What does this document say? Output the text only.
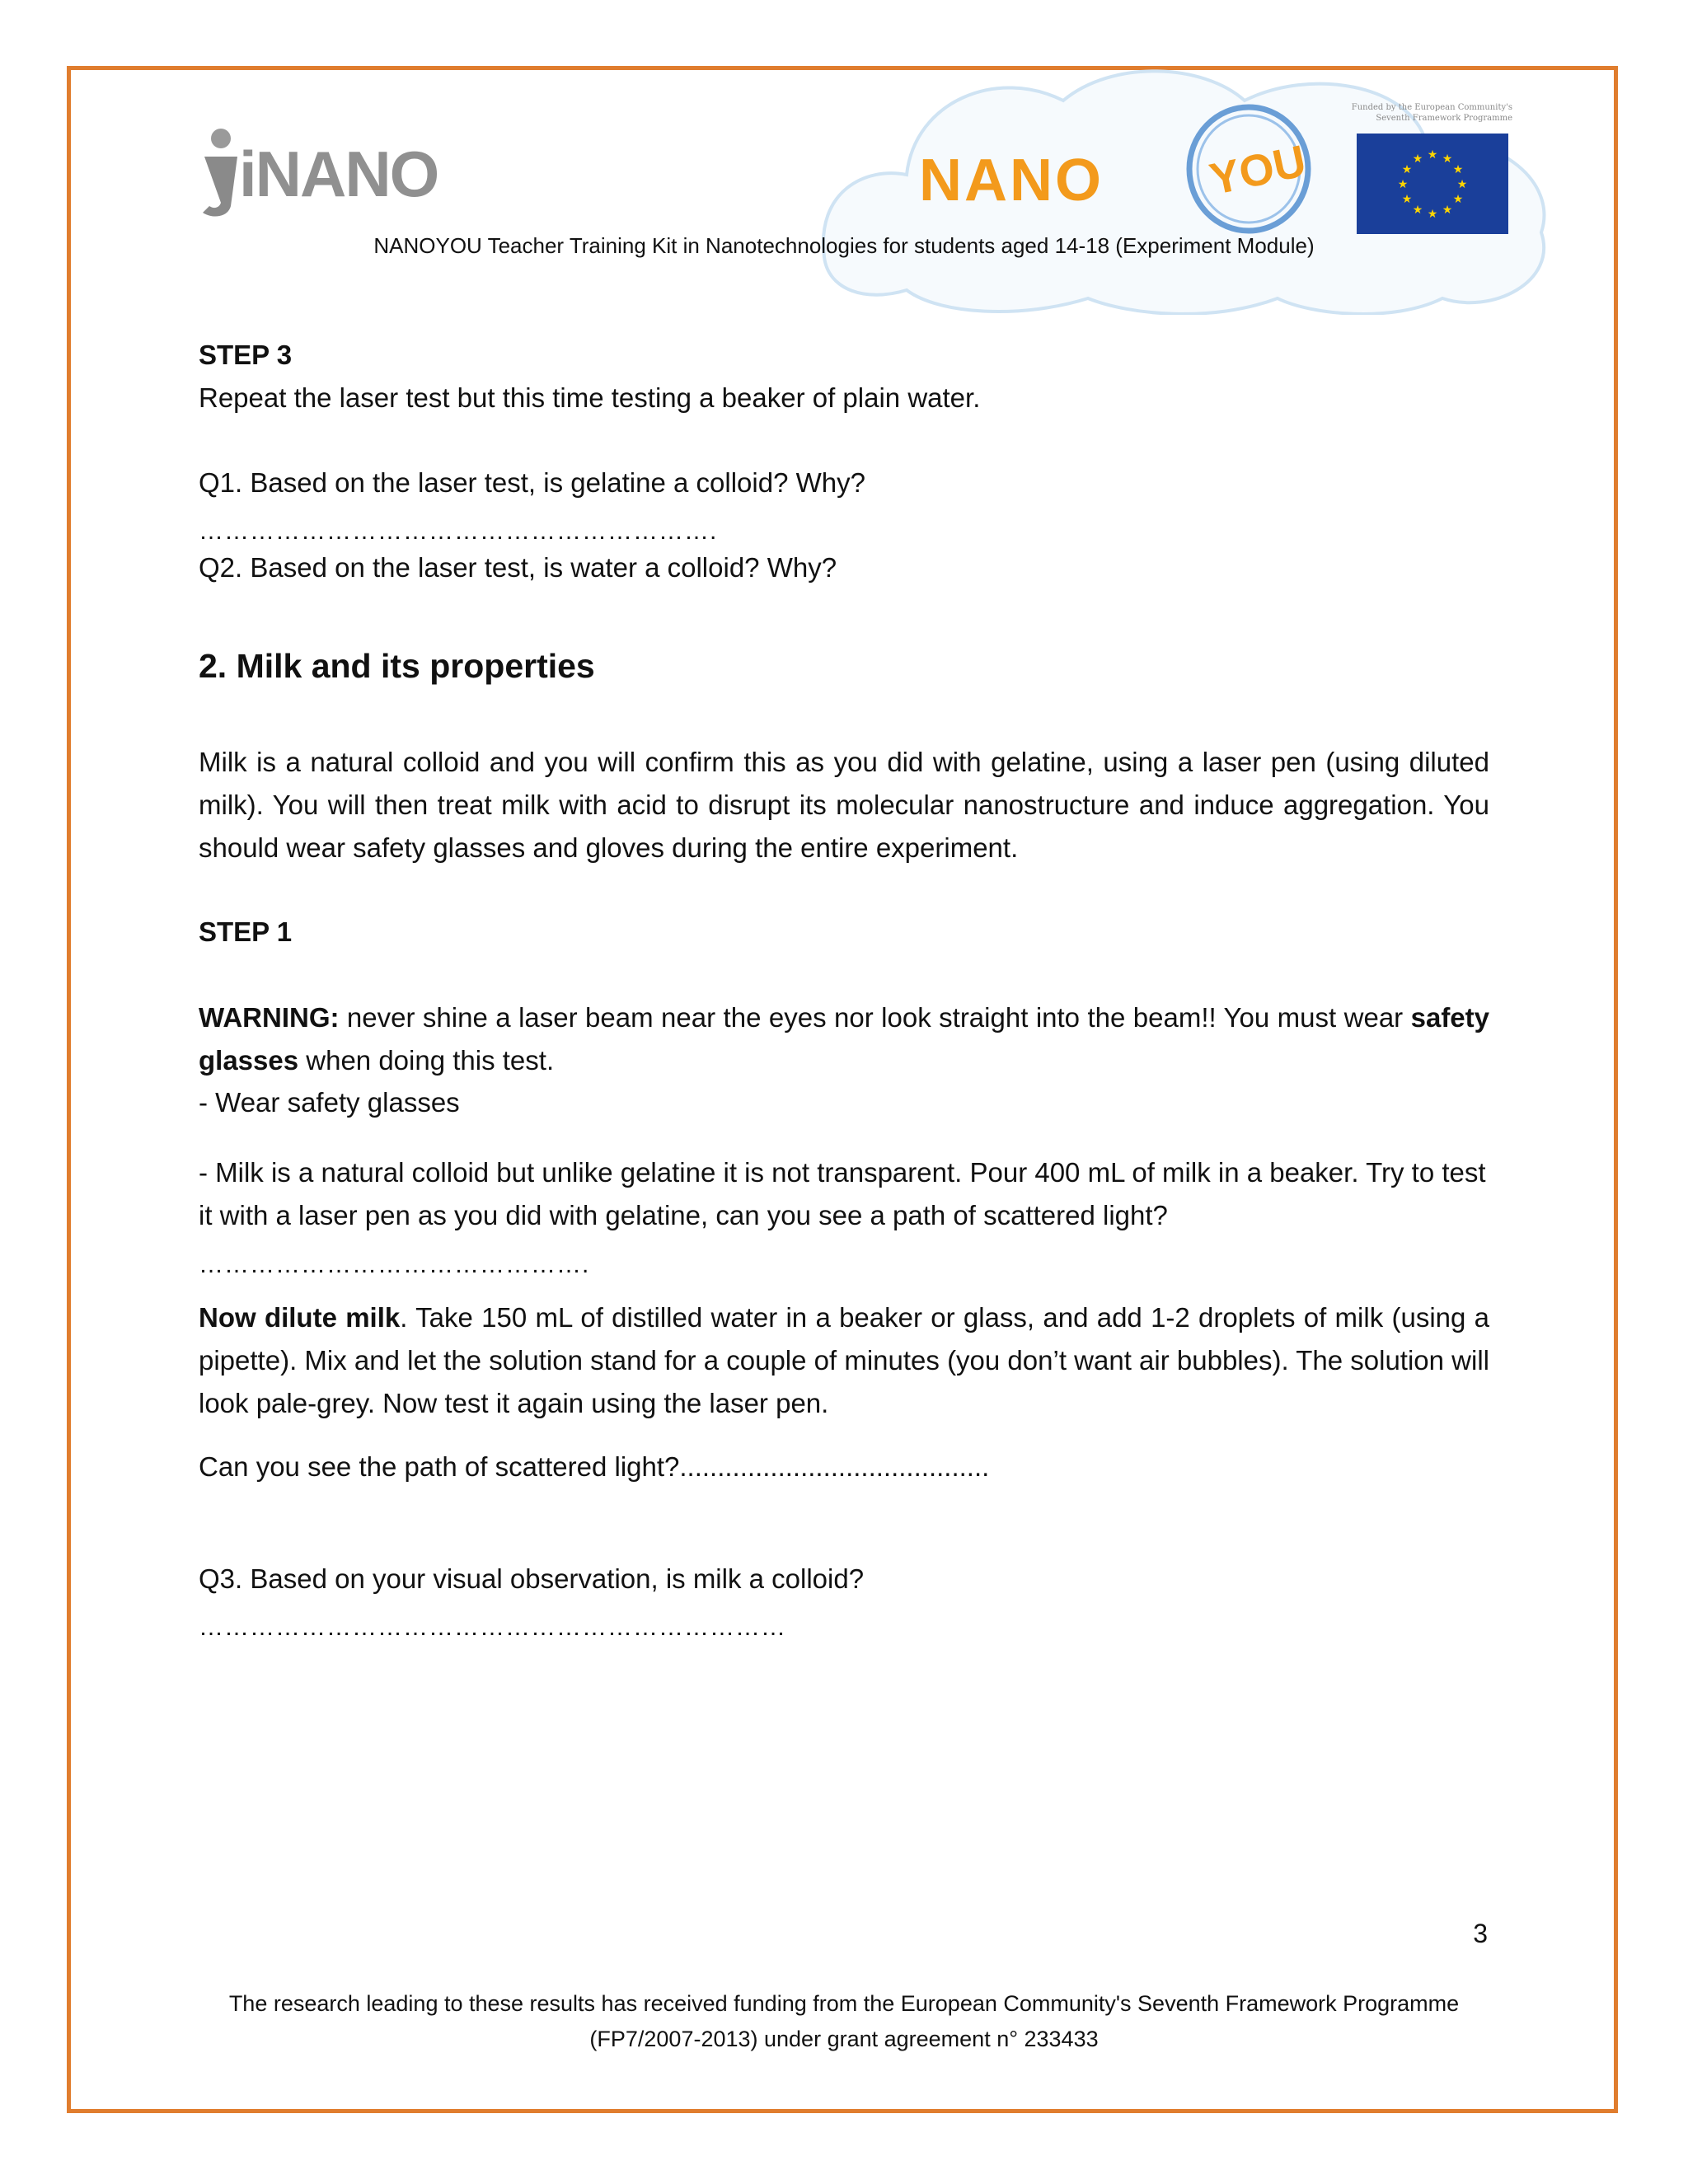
iNANO	NANO YOU
Funded by the European Community's
Seventh Framework Programme
★ ★
★
★
★
★
★
★
★
★
★
★
NANOYOU Teacher Training Kit in Nanotechnologies for students aged 14-18 (Experiment Module)
STEP 3
Repeat the laser test but this time testing a beaker of plain water.
Q1. Based on the laser test, is gelatine a colloid? Why?
…………………………………………………….
Q2. Based on the laser test, is water a colloid? Why?
2. Milk and its properties
Milk is a natural colloid and you will confirm this as you did with gelatine, using a laser pen (using diluted milk). You will then treat milk with acid to disrupt its molecular nanostructure and induce aggregation. You should wear safety glasses and gloves during the entire experiment.
STEP 1
WARNING: never shine a laser beam near the eyes nor look straight into the beam!! You must wear safety glasses when doing this test.
- Wear safety glasses
- Milk is a natural colloid but unlike gelatine it is not transparent. Pour 400 mL of milk in a beaker. Try to test it with a laser pen as you did with gelatine, can you see a path of scattered light?
……………………………………….
Now dilute milk. Take 150 mL of distilled water in a beaker or glass, and add 1-2 droplets of milk (using a pipette). Mix and let the solution stand for a couple of minutes (you don’t want air bubbles). The solution will look pale-grey. Now test it again using the laser pen.
Can you see the path of scattered light?.........................................
Q3. Based on your visual observation, is milk a colloid?
……………………………………………………………
3
The research leading to these results has received funding from the European Community's Seventh Framework Programme
(FP7/2007-2013) under grant agreement n° 233433
